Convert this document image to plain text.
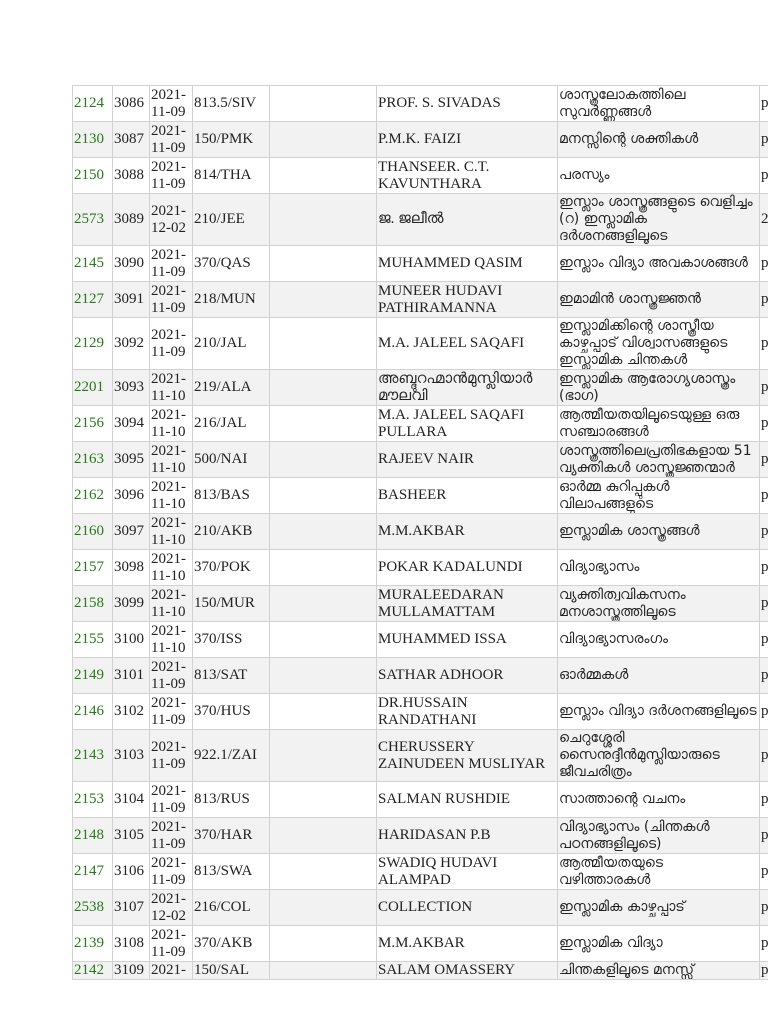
2124	3086	2021-11-09	813.5/SIV		PROF. S. SIVADAS	ശാസ്ത്രലോകത്തിലെ സുവർണ്ണങ്ങൾ	p
2130	3087	2021-11-09	150/PMK		P.M.K. FAIZI	മനസ്സിന്റെ ശക്തികൾ	p
2150	3088	2021-11-09	814/THA		THANSEER. C.T. KAVUNTHARA	പരസ്യം	p
2573	3089	2021-12-02	210/JEE		ജ. ജലീൽ	ഇസ്ലാം ശാസ്ത്രങ്ങളുടെ വെളിച്ചം (റ) ഇസ്ലാമിക ദർശനങ്ങളിലൂടെ	2
2145	3090	2021-11-09	370/QAS		MUHAMMED QASIM	ഇസ്ലാം വിദ്യാ അവകാശങ്ങൾ	p
2127	3091	2021-11-09	218/MUN		MUNEER HUDAVI PATHIRAMANNA	ഇമാമിൻ ശാസ്ത്രജ്ഞൻ	p
2129	3092	2021-11-09	210/JAL		M.A. JALEEL SAQAFI	ഇസ്ലാമിക്കിന്റെ ശാസ്ത്രീയ കാഴ്ചപ്പാട് വിശ്വാസങ്ങളുടെ ഇസ്ലാമിക ചിന്തകൾ	p
2201	3093	2021-11-10	219/ALA		അബ്ദുറഹ്മാൻമുസ്ലിയാർ മൗലവി	ഇസ്ലാമിക ആരോഗ്യശാസ്ത്രം (ഭാഗ)	p
2156	3094	2021-11-10	216/JAL		M.A. JALEEL SAQAFI PULLARA	ആത്മീയതയിലൂടെയുള്ള ഒരു സഞ്ചാരങ്ങൾ	p
2163	3095	2021-11-10	500/NAI		RAJEEV NAIR	ശാസ്ത്രത്തിലെപ്രതിഭകളായ 51 വ്യക്തികൾ ശാസ്ത്രജ്ഞന്മാർ	p
2162	3096	2021-11-10	813/BAS		BASHEER	ഓർമ്മ കുറിപ്പുകൾ വിലാപങ്ങളുടെ	p
2160	3097	2021-11-10	210/AKB		M.M.AKBAR	ഇസ്ലാമിക ശാസ്ത്രങ്ങൾ	p
2157	3098	2021-11-10	370/POK		POKAR KADALUNDI	വിദ്യാഭ്യാസം	p
2158	3099	2021-11-10	150/MUR		MURALEEDARAN MULLAMATTAM	വ്യക്തിത്വവികസനം മനശാസ്ത്രത്തിലൂടെ	p
2155	3100	2021-11-10	370/ISS		MUHAMMED ISSA	വിദ്യാഭ്യാസരംഗം	p
2149	3101	2021-11-09	813/SAT		SATHAR ADHOOR	ഓർമ്മകൾ	p
2146	3102	2021-11-09	370/HUS		DR.HUSSAIN RANDATHANI	ഇസ്ലാം വിദ്യാ ദർശനങ്ങളിലൂടെ	p
2143	3103	2021-11-09	922.1/ZAI		CHERUSSERY ZAINUDEEN MUSLIYAR	ചെറുശ്ശേരി സൈനുദ്ദീൻമുസ്ലിയാരുടെ ജീവചരിത്രം	p
2153	3104	2021-11-09	813/RUS		SALMAN RUSHDIE	സാത്താന്റെ വചനം	p
2148	3105	2021-11-09	370/HAR		HARIDASAN P.B	വിദ്യാഭ്യാസം (ചിന്തകൾ പഠനങ്ങളിലൂടെ)	p
2147	3106	2021-11-09	813/SWA		SWADIQ HUDAVI ALAMPAD	ആത്മീയതയുടെ വഴിത്താരകൾ	p
2538	3107	2021-12-02	216/COL		COLLECTION	ഇസ്ലാമിക കാഴ്ചപ്പാട്	p
2139	3108	2021-11-09	370/AKB		M.M.AKBAR	ഇസ്ലാമിക വിദ്യാ	p
2142	3109	2021-	150/SAL		SALAM OMASSERY	ചിന്തകളിലൂടെ മനസ്സ്	p
